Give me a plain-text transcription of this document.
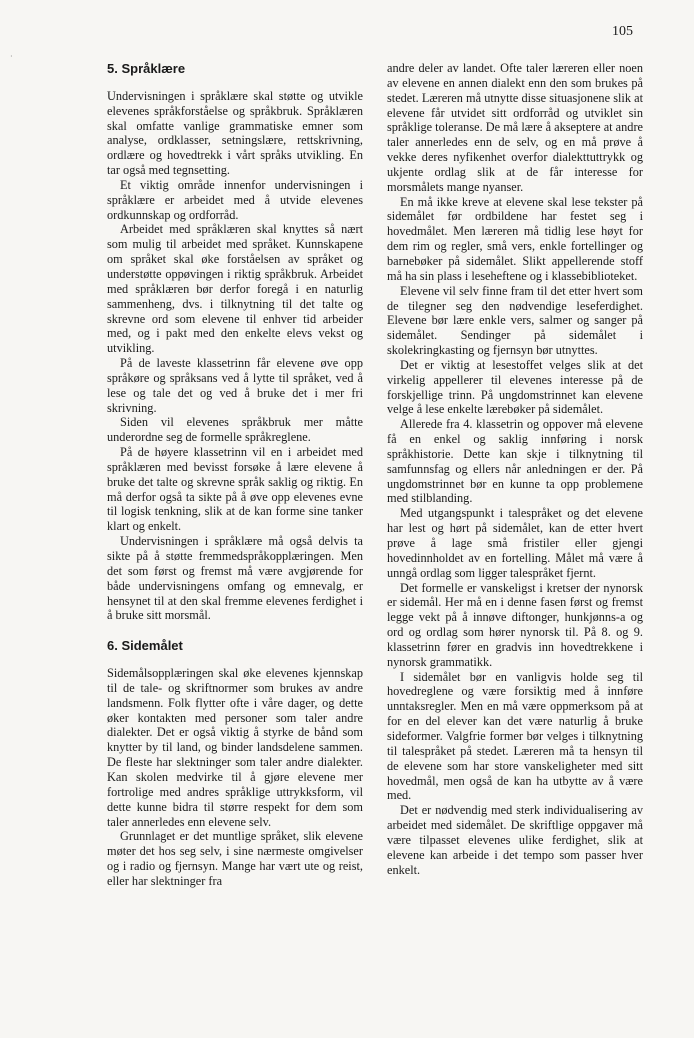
·
105
5. Språklære

Undervisningen i språklære skal støtte og utvikle elevenes språkforståelse og språkbruk. Språklæren skal omfatte vanlige grammatiske emner som analyse, ordklasser, setningslære, rettskrivning, ordlære og hovedtrekk i vårt språks utvikling. En tar også med tegnsetting.

Et viktig område innenfor undervisningen i språklære er arbeidet med å utvide elevenes ordkunnskap og ordforråd.

Arbeidet med språklæren skal knyttes så nært som mulig til arbeidet med språket. Kunnskapene om språket skal øke forståelsen av språket og understøtte oppøvingen i riktig språkbruk. Arbeidet med språklæren bør derfor foregå i en naturlig sammenheng, dvs. i tilknytning til det talte og skrevne ord som elevene til enhver tid arbeider med, og i pakt med den enkelte elevs vekst og utvikling.

På de laveste klassetrinn får elevene øve opp språkøre og språksans ved å lytte til språket, ved å lese og tale det og ved å bruke det i mer fri skrivning.

Siden vil elevenes språkbruk mer måtte underordne seg de formelle språkreglene.

På de høyere klassetrinn vil en i arbeidet med språklæren med bevisst forsøke å lære elevene å bruke det talte og skrevne språk saklig og riktig. En må derfor også ta sikte på å øve opp elevenes evne til logisk tenkning, slik at de kan forme sine tanker klart og enkelt.

Undervisningen i språklære må også delvis ta sikte på å støtte fremmedspråkopplæringen. Men det som først og fremst må være avgjørende for både undervisningens omfang og emnevalg, er hensynet til at den skal fremme elevenes ferdighet i å bruke sitt morsmål.

6. Sidemålet

Sidemålsopplæringen skal øke elevenes kjennskap til de tale- og skriftnormer som brukes av andre landsmenn. Folk flytter ofte i våre dager, og dette øker kontakten med personer som taler andre dialekter. Det er også viktig å styrke de bånd som knytter by til land, og binder landsdelene sammen. De fleste har slektninger som taler andre dialekter. Kan skolen medvirke til å gjøre elevene mer fortrolige med andres språklige uttrykksform, vil dette kunne bidra til større respekt for dem som taler annerledes enn elevene selv.

Grunnlaget er det muntlige språket, slik elevene møter det hos seg selv, i sine nærmeste omgivelser og i radio og fjernsyn. Mange har vært ute og reist, eller har slektninger fra

andre deler av landet. Ofte taler læreren eller noen av elevene en annen dialekt enn den som brukes på stedet. Læreren må utnytte disse situasjonene slik at elevene får utvidet sitt ordforråd og utviklet sin språklige toleranse. De må lære å akseptere at andre taler annerledes enn de selv, og en må prøve å vekke deres nyfikenhet overfor dialekttuttrykk og ukjente ordlag slik at de får interesse for morsmålets mange nyanser.

En må ikke kreve at elevene skal lese tekster på sidemålet før ordbildene har festet seg i hovedmålet. Men læreren må tidlig lese høyt for dem rim og regler, små vers, enkle fortellinger og barnebøker på sidemålet. Slikt appellerende stoff må ha sin plass i leseheftene og i klassebiblioteket.

Elevene vil selv finne fram til det etter hvert som de tilegner seg den nødvendige leseferdighet. Elevene bør lære enkle vers, salmer og sanger på sidemålet. Sendinger på sidemålet i skolekringkasting og fjernsyn bør utnyttes.

Det er viktig at lesestoffet velges slik at det virkelig appellerer til elevenes interesse på de forskjellige trinn. På ungdomstrinnet kan elevene velge å lese enkelte lærebøker på sidemålet.

Allerede fra 4. klassetrin og oppover må elevene få en enkel og saklig innføring i norsk språkhistorie. Dette kan skje i tilknytning til samfunnsfag og ellers når anledningen er der. På ungdomstrinnet bør en kunne ta opp problemene med stilblanding.

Med utgangspunkt i talespråket og det elevene har lest og hørt på sidemålet, kan de etter hvert prøve å lage små fristiler eller gjengi hovedinnholdet av en fortelling. Målet må være å unngå ordlag som ligger talespråket fjernt.

Det formelle er vanskeligst i kretser der nynorsk er sidemål. Her må en i denne fasen først og fremst legge vekt på å innøve diftonger, hunkjønns-a og ord og ordlag som hører nynorsk til. På 8. og 9. klassetrinn fører en gradvis inn hovedtrekkene i nynorsk grammatikk.

I sidemålet bør en vanligvis holde seg til hovedreglene og være forsiktig med å innføre unntaksregler. Men en må være oppmerksom på at for en del elever kan det være naturlig å bruke sideformer. Valgfrie former bør velges i tilknytning til talespråket på stedet. Læreren må ta hensyn til de elevene som har store vanskeligheter med sitt hovedmål, men også de kan ha utbytte av å være med.

Det er nødvendig med sterk individualisering av arbeidet med sidemålet. De skriftlige oppgaver må være tilpasset elevenes ulike ferdighet, slik at elevene kan arbeide i det tempo som passer hver enkelt.
